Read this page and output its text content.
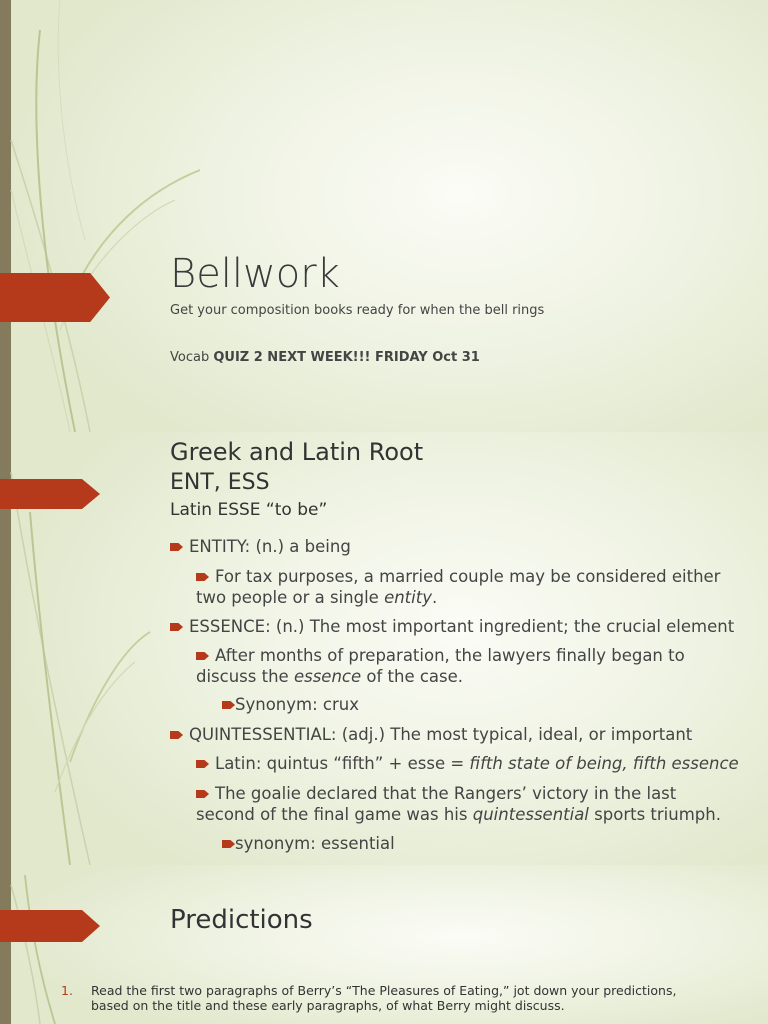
Bellwork

Get your composition books ready for when the bell rings

Vocab QUIZ 2 NEXT WEEK!!! FRIDAY Oct 31

Greek and Latin Root
ENT, ESS

Latin ESSE “to be”

ENTITY: (n.) a being
For tax purposes, a married couple may be considered either
two people or a single entity.
ESSENCE: (n.) The most important ingredient; the crucial element
After months of preparation, the lawyers finally began to
discuss the essence of the case.
Synonym: crux
QUINTESSENTIAL: (adj.) The most typical, ideal, or important
Latin: quintus “fifth” + esse = fifth state of being, fifth essence
The goalie declared that the Rangers’ victory in the last
second of the final game was his quintessential sports triumph.
synonym: essential
Predictions
1. Read the first two paragraphs of Berry’s “The Pleasures of Eating,” jot down your predictions,
based on the title and these early paragraphs, of what Berry might discuss.
